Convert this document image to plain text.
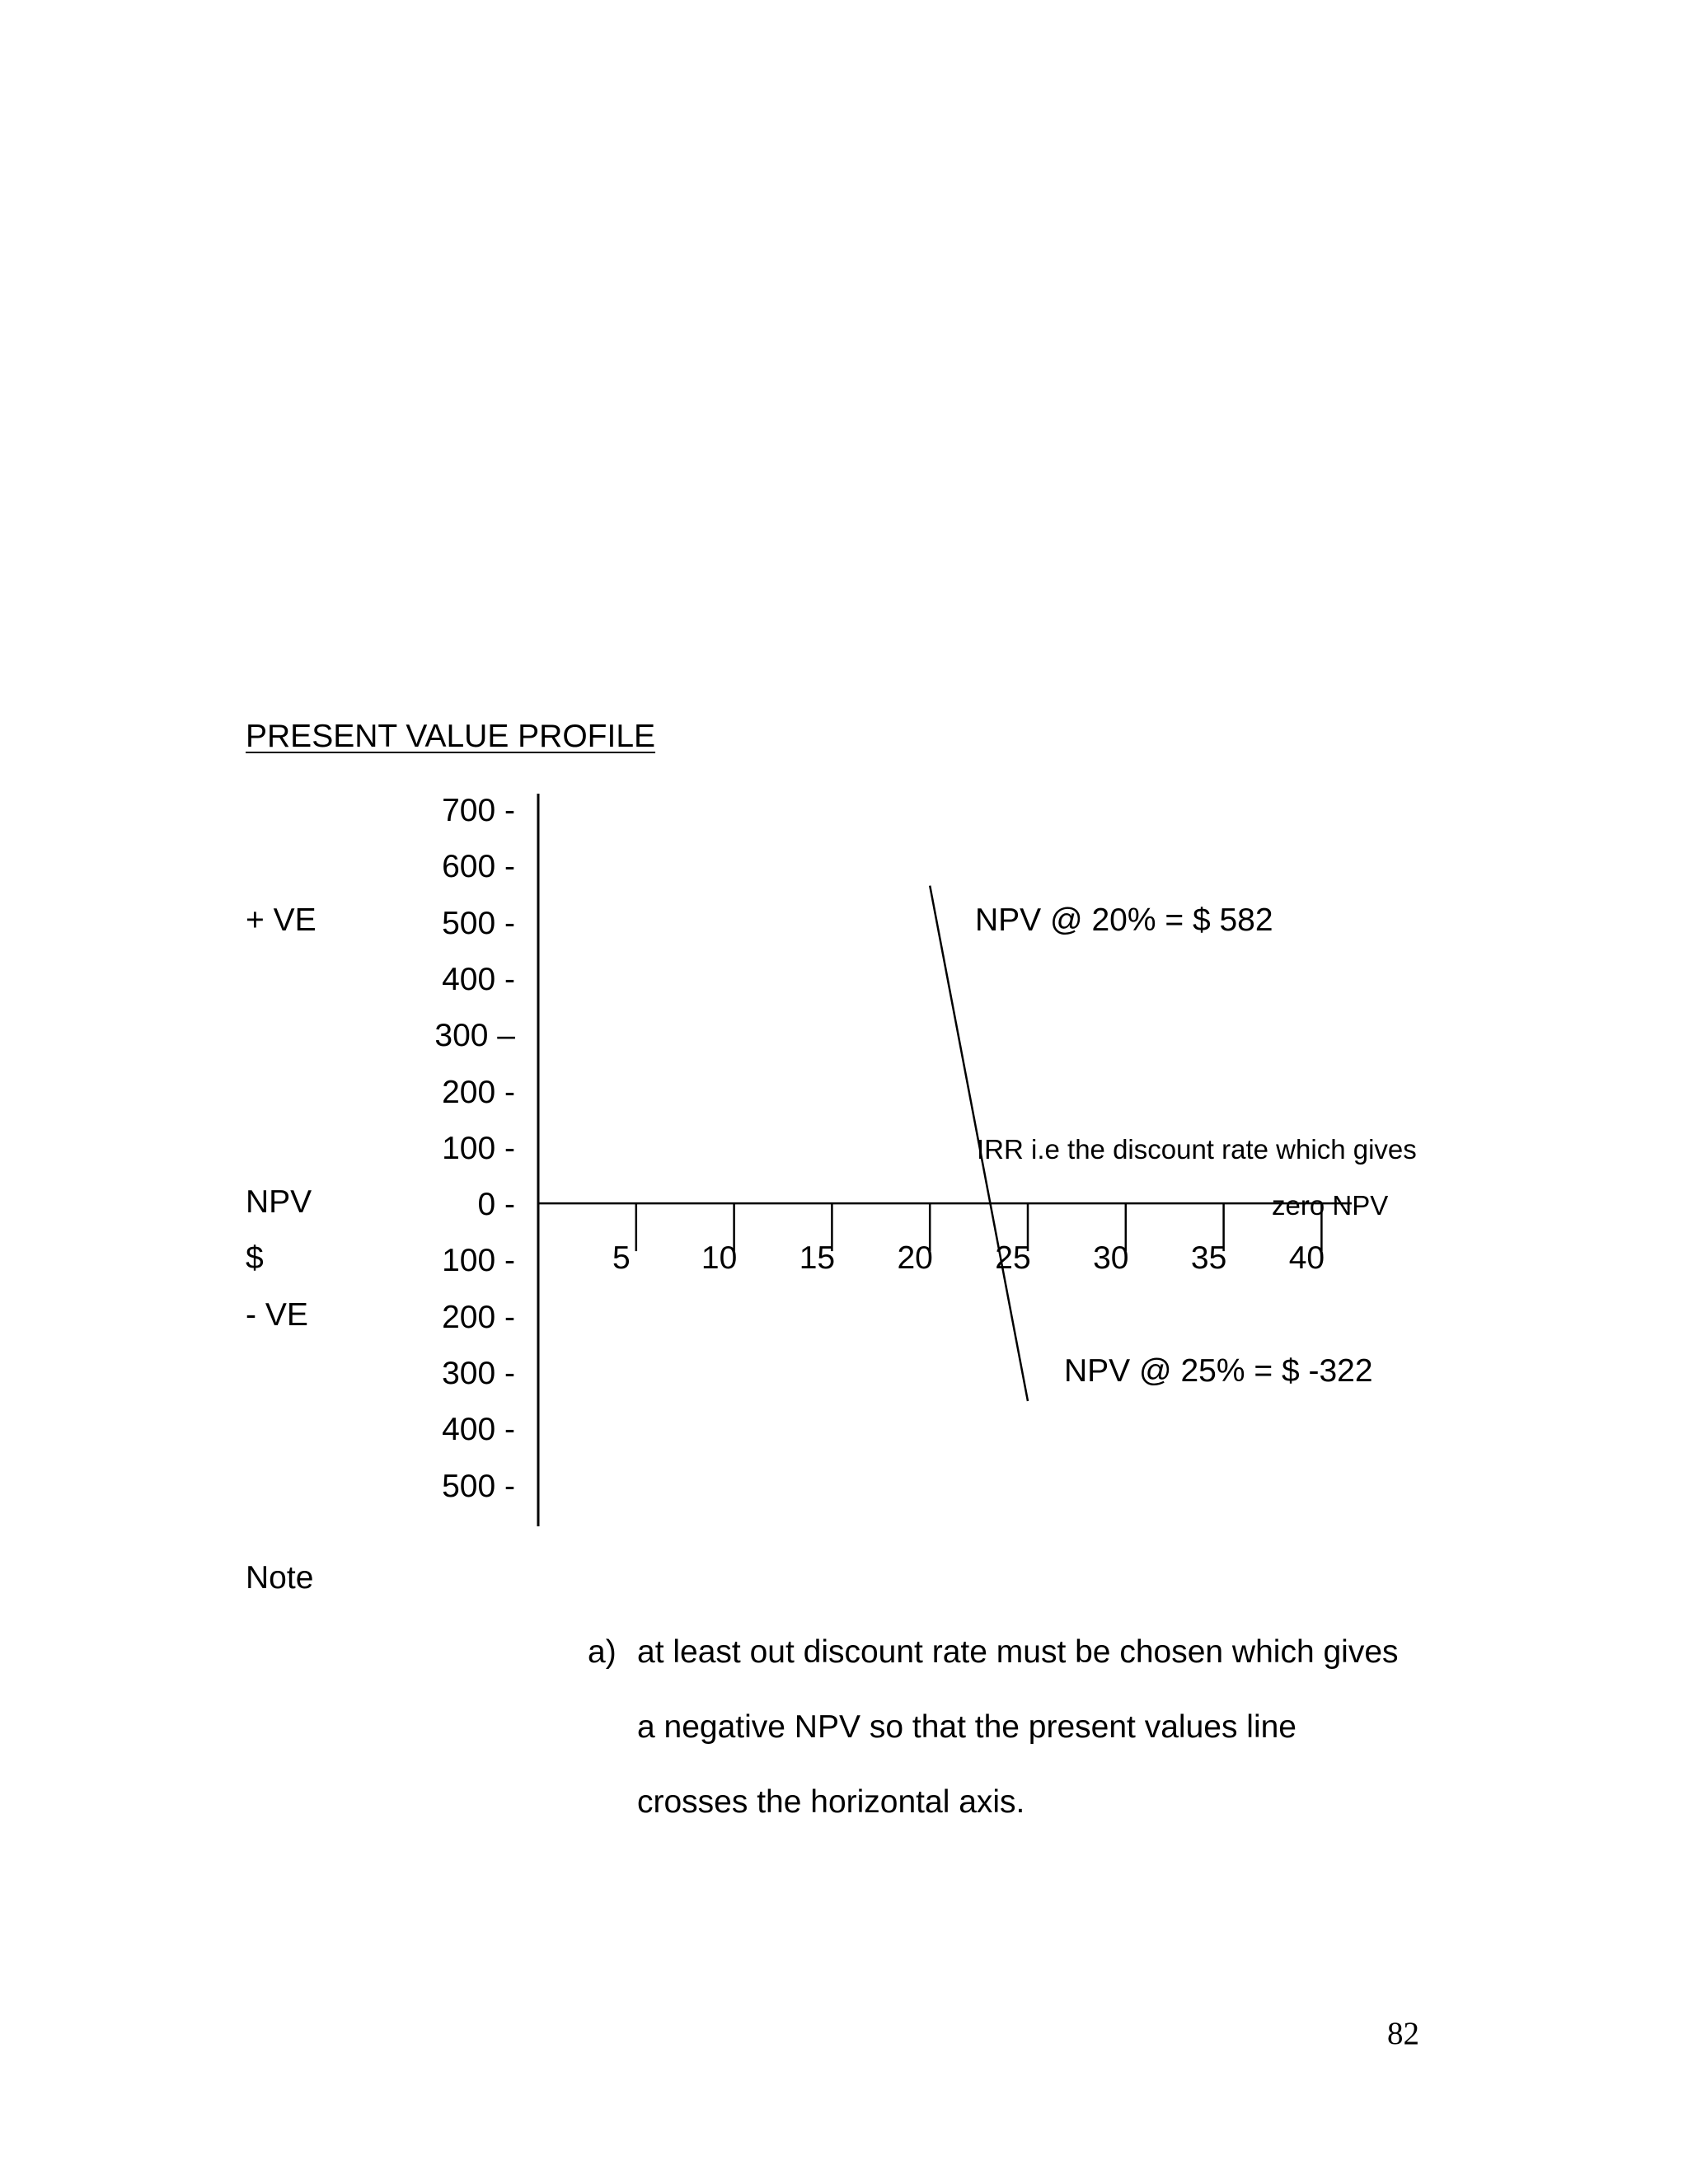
PRESENT VALUE PROFILE
+ VE
NPV
$
- VE
700 -
600 -
500 -
400 -
300 –
200 -
100 -
0 -
100 -
200 -
300 -
400 -
500 -
5 10 15 20 25 30 35 40
NPV @ 20% = $ 582
NPV @ 25% = $ -322
IRR i.e the discount rate which gives
zero NPV
Note
a) at least out discount rate must be chosen which gives
a negative NPV so that the present values line
crosses the horizontal axis.
82
